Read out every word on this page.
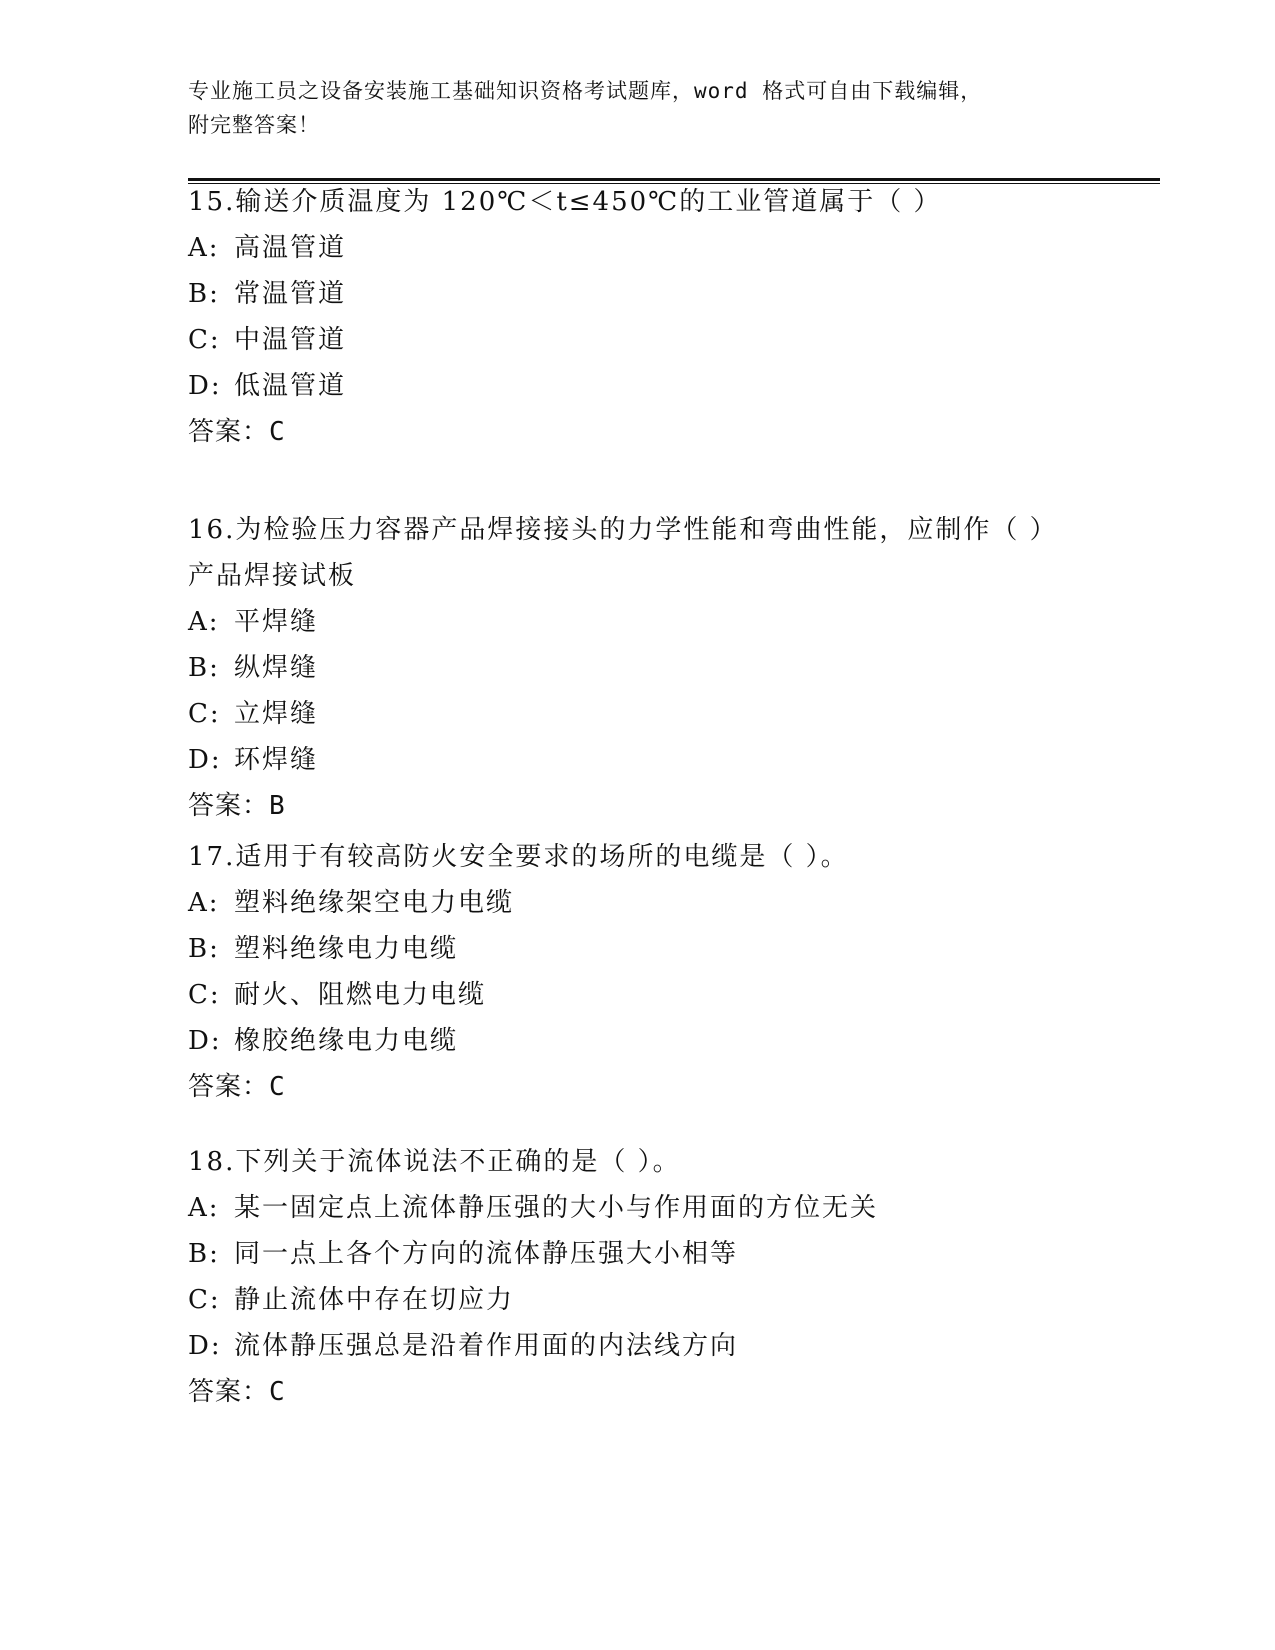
专业施工员之设备安装施工基础知识资格考试题库，word 格式可自由下载编辑，
附完整答案！

15.输送介质温度为 120℃＜t≤450℃的工业管道属于（ ）

A: 高温管道

B: 常温管道

C: 中温管道

D: 低温管道

答案：C

16.为检验压力容器产品焊接接头的力学性能和弯曲性能，应制作（ ）产品焊接试板

A: 平焊缝

B: 纵焊缝

C: 立焊缝

D: 环焊缝

答案：B

17.适用于有较高防火安全要求的场所的电缆是（ ）。

A: 塑料绝缘架空电力电缆

B: 塑料绝缘电力电缆

C: 耐火、阻燃电力电缆

D: 橡胶绝缘电力电缆

答案：C

18.下列关于流体说法不正确的是（ ）。

A: 某一固定点上流体静压强的大小与作用面的方位无关

B: 同一点上各个方向的流体静压强大小相等

C: 静止流体中存在切应力

D: 流体静压强总是沿着作用面的内法线方向

答案：C
